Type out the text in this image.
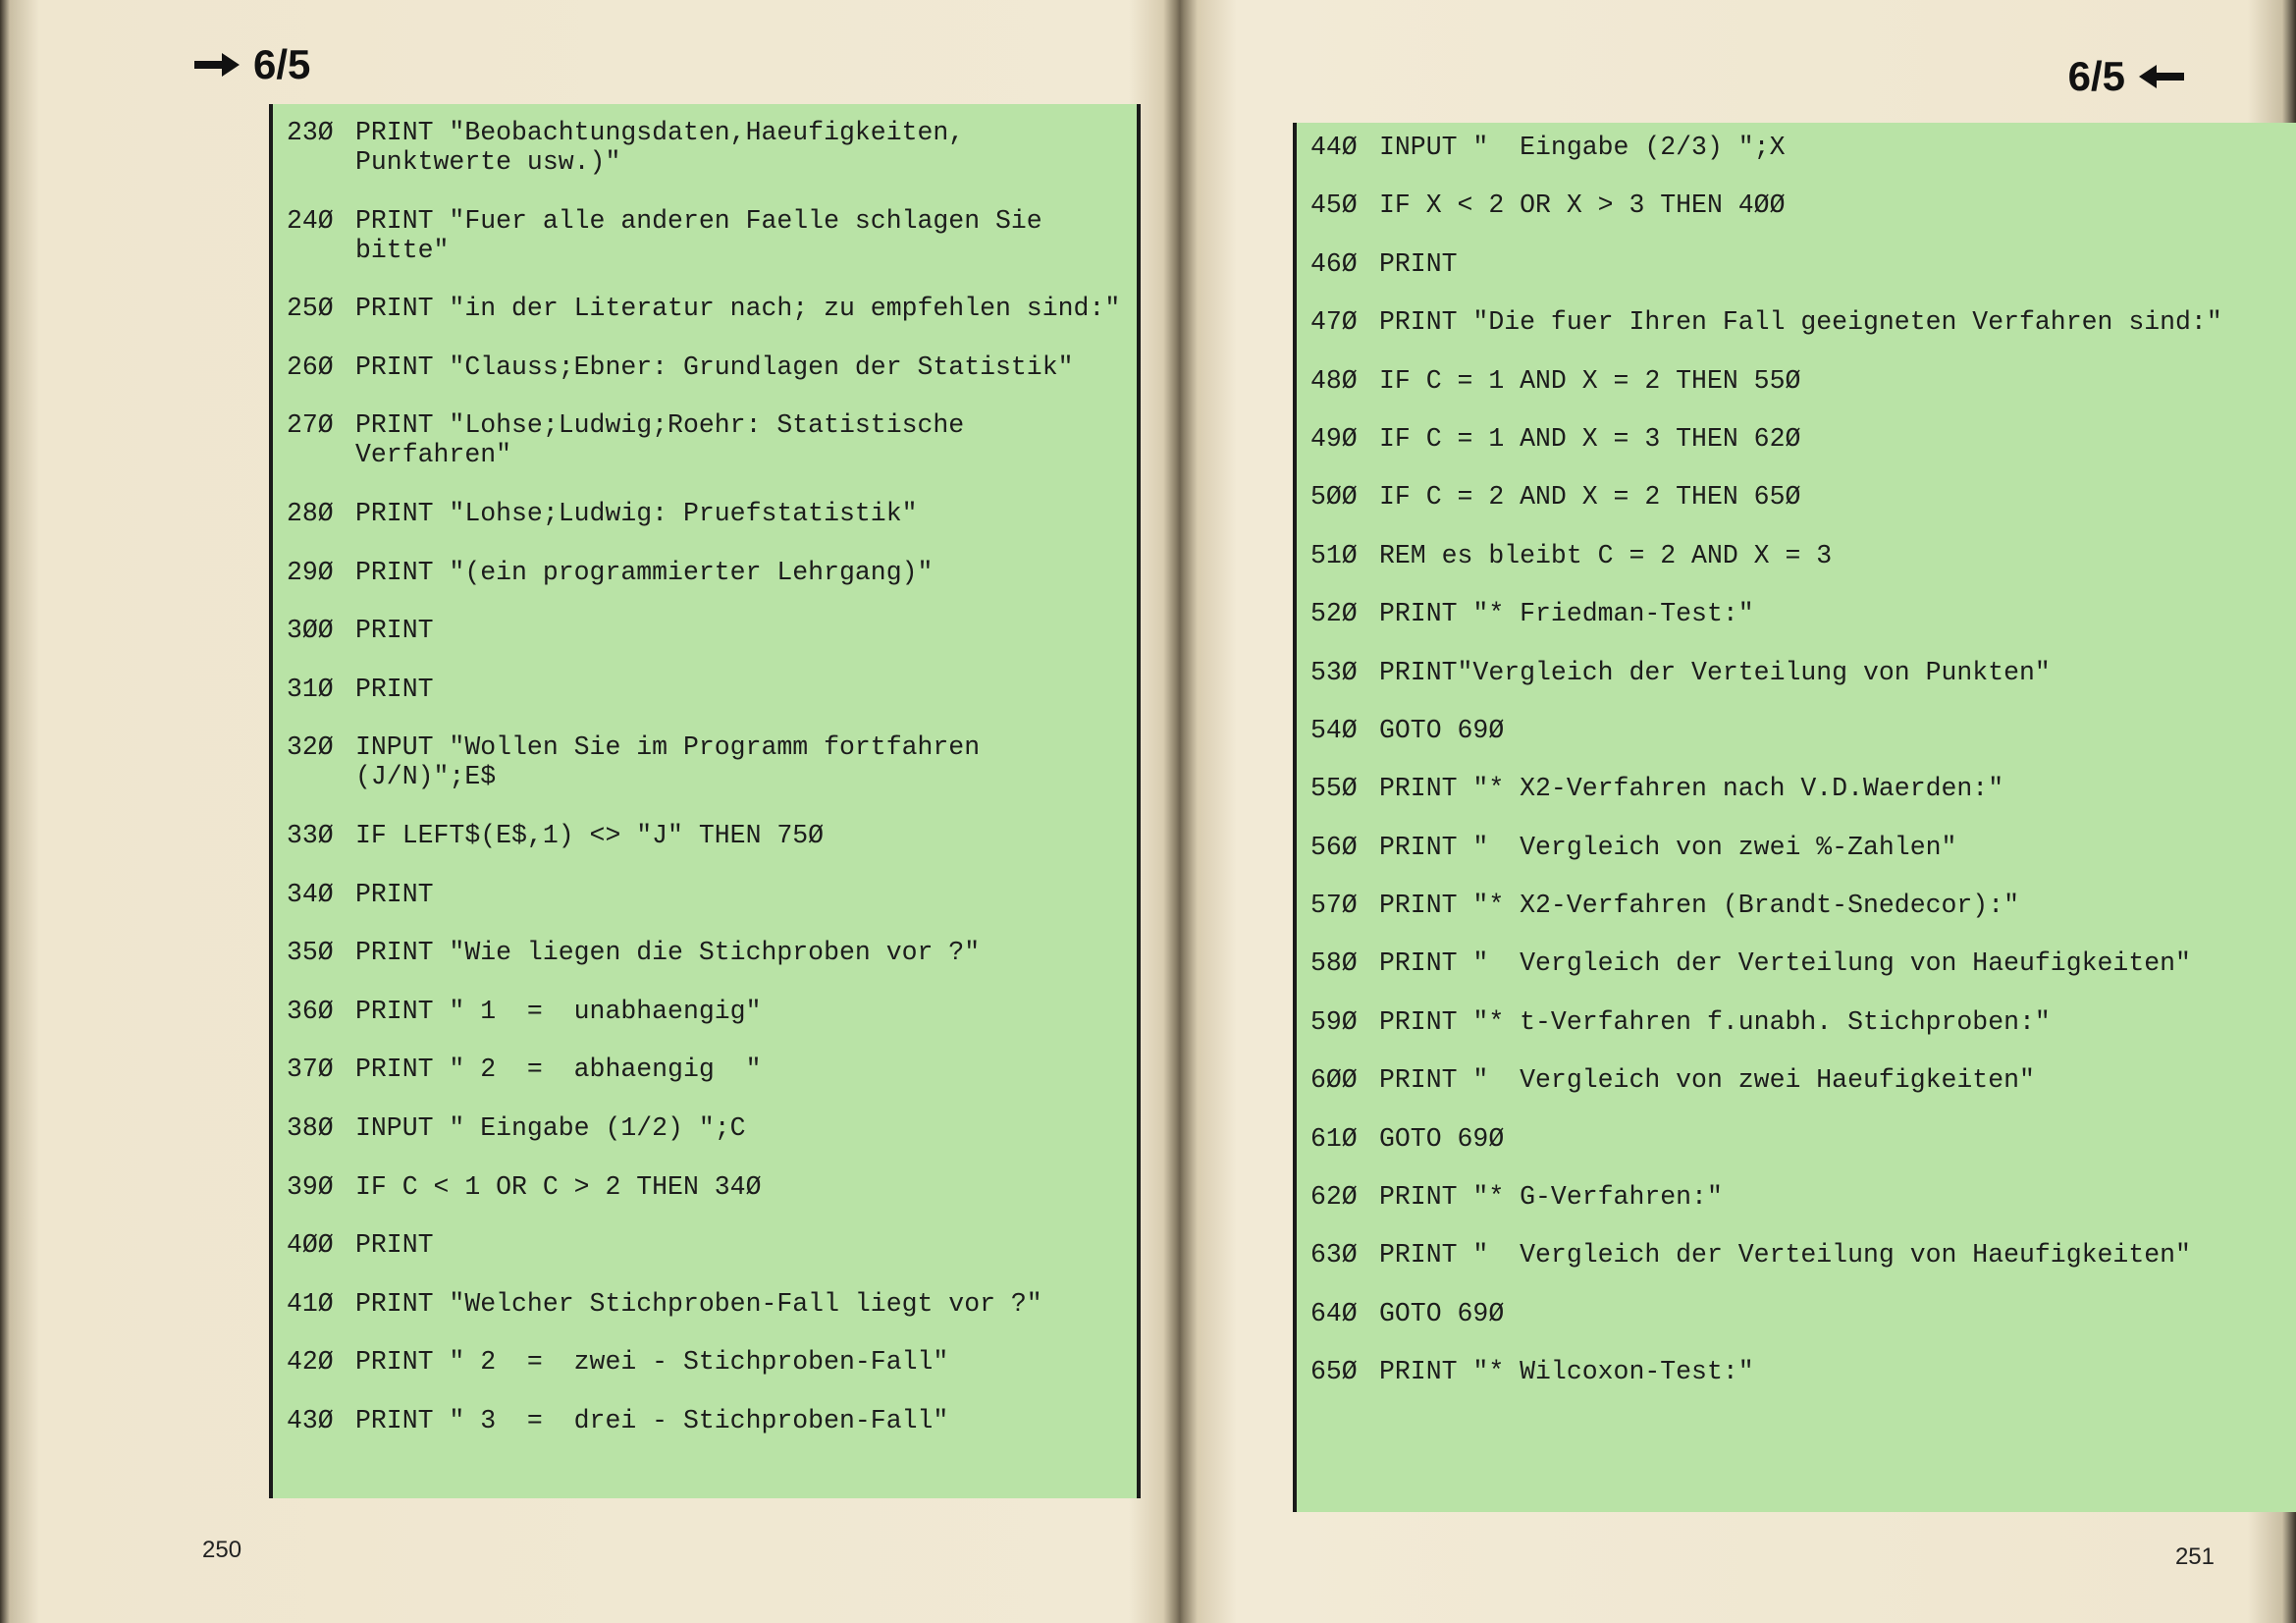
6/5
23Ø PRINT "Beobachtungsdaten,Haeufigkeiten, Punktwerte usw.)"
24Ø PRINT "Fuer alle anderen Faelle schlagen Sie bitte"
25Ø PRINT "in der Literatur nach; zu empfehlen sind:"
26Ø PRINT "Clauss;Ebner: Grundlagen der Statistik"
27Ø PRINT "Lohse;Ludwig;Roehr: Statistische Verfahren"
28Ø PRINT "Lohse;Ludwig: Pruefstatistik"
29Ø PRINT "(ein programmierter Lehrgang)"
3ØØ PRINT
31Ø PRINT
32Ø INPUT "Wollen Sie im Programm fortfahren (J/N)";E$
33Ø IF LEFT$(E$,1) <> "J" THEN 75Ø
34Ø PRINT
35Ø PRINT "Wie liegen die Stichproben vor ?"
36Ø PRINT " 1  =  unabhaengig"
37Ø PRINT " 2  =  abhaengig  "
38Ø INPUT " Eingabe (1/2) ";C
39Ø IF C < 1 OR C > 2 THEN 34Ø
4ØØ PRINT
41Ø PRINT "Welcher Stichproben-Fall liegt vor ?"
42Ø PRINT " 2  =  zwei - Stichproben-Fall"
43Ø PRINT " 3  =  drei - Stichproben-Fall"
250
6/5
44Ø INPUT "  Eingabe (2/3) ";X
45Ø IF X < 2 OR X > 3 THEN 4ØØ
46Ø PRINT
47Ø PRINT "Die fuer Ihren Fall geeigneten Verfahren sind:"
48Ø IF C = 1 AND X = 2 THEN 55Ø
49Ø IF C = 1 AND X = 3 THEN 62Ø
5ØØ IF C = 2 AND X = 2 THEN 65Ø
51Ø REM es bleibt C = 2 AND X = 3
52Ø PRINT "* Friedman-Test:"
53Ø PRINT"Vergleich der Verteilung von Punkten"
54Ø GOTO 69Ø
55Ø PRINT "* X2-Verfahren nach V.D.Waerden:"
56Ø PRINT "  Vergleich von zwei %-Zahlen"
57Ø PRINT "* X2-Verfahren (Brandt-Snedecor):"
58Ø PRINT "  Vergleich der Verteilung von Haeufigkeiten"
59Ø PRINT "* t-Verfahren f.unabh. Stichproben:"
6ØØ PRINT "  Vergleich von zwei Haeufigkeiten"
61Ø GOTO 69Ø
62Ø PRINT "* G-Verfahren:"
63Ø PRINT "  Vergleich der Verteilung von Haeufigkeiten"
64Ø GOTO 69Ø
65Ø PRINT "* Wilcoxon-Test:"
251
